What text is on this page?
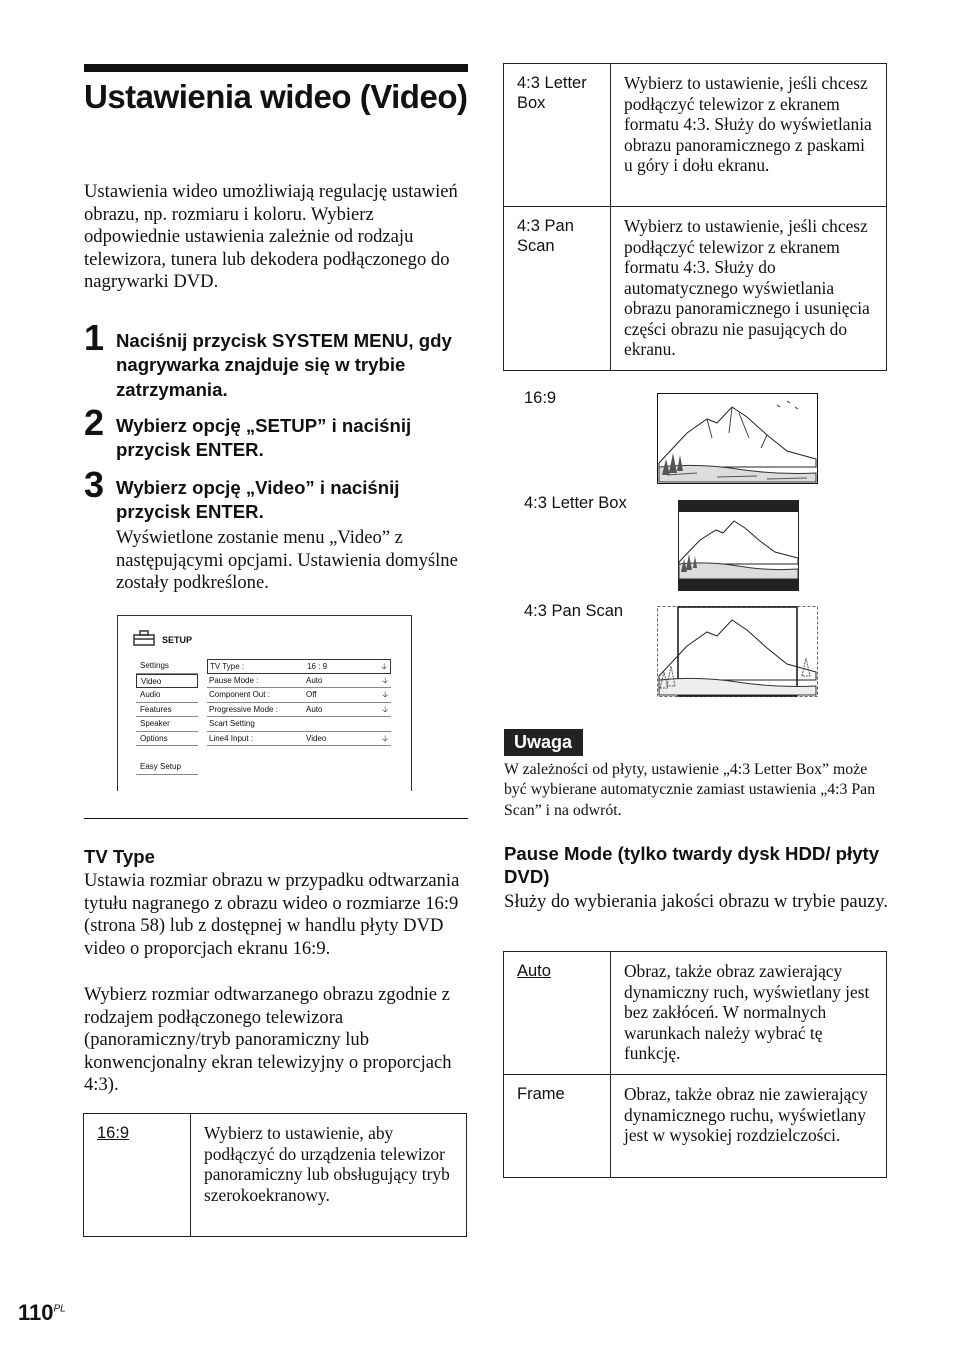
Ustawienia wideo (Video)
Ustawienia wideo umożliwiają regulację ustawień obrazu, np. rozmiaru i koloru. Wybierz odpowiednie ustawienia zależnie od rodzaju telewizora, tunera lub dekodera podłączonego do nagrywarki DVD.
1 Naciśnij przycisk SYSTEM MENU, gdy nagrywarka znajduje się w trybie zatrzymania.
2 Wybierz opcję „SETUP” i naciśnij przycisk ENTER.
3 Wybierz opcję „Video” i naciśnij przycisk ENTER.
Wyświetlone zostanie menu „Video” z następującymi opcjami. Ustawienia domyślne zostały podkreślone.
SETUP
Settings
Video
Audio
Features
Speaker
Options
Easy Setup
TV Type :	16 : 9	🡣
Pause Mode :	Auto	🡣
Component Out :	Off	🡣
Progressive Mode :	Auto	🡣
Scart Setting
Line4 Input :	Video	🡣
TV Type
Ustawia rozmiar obrazu w przypadku odtwarzania tytułu nagranego z obrazu wideo o rozmiarze 16:9 (strona 58) lub z dostępnej w handlu płyty DVD video o proporcjach ekranu 16:9.
Wybierz rozmiar odtwarzanego obrazu zgodnie z rodzajem podłączonego telewizora (panoramiczny/tryb panoramiczny lub konwencjonalny ekran telewizyjny o proporcjach 4:3).
16:9	Wybierz to ustawienie, aby podłączyć do urządzenia telewizor panoramiczny lub obsługujący tryb szerokoekranowy.
4:3 Letter Box	Wybierz to ustawienie, jeśli chcesz podłączyć telewizor z ekranem formatu 4:3. Służy do wyświetlania obrazu panoramicznego z paskami u góry i dołu ekranu.
4:3 Pan Scan	Wybierz to ustawienie, jeśli chcesz podłączyć telewizor z ekranem formatu 4:3. Służy do automatycznego wyświetlania obrazu panoramicznego i usunięcia części obrazu nie pasujących do ekranu.
16:9
4:3 Letter Box
4:3 Pan Scan
Uwaga
W zależności od płyty, ustawienie „4:3 Letter Box” może być wybierane automatycznie zamiast ustawienia „4:3 Pan Scan” i na odwrót.
Pause Mode (tylko twardy dysk HDD/ płyty DVD)
Służy do wybierania jakości obrazu w trybie pauzy.
Auto	Obraz, także obraz zawierający dynamiczny ruch, wyświetlany jest bez zakłóceń. W normalnych warunkach należy wybrać tę funkcję.
Frame	Obraz, także obraz nie zawierający dynamicznego ruchu, wyświetlany jest w wysokiej rozdzielczości.
$110^{PL}$
